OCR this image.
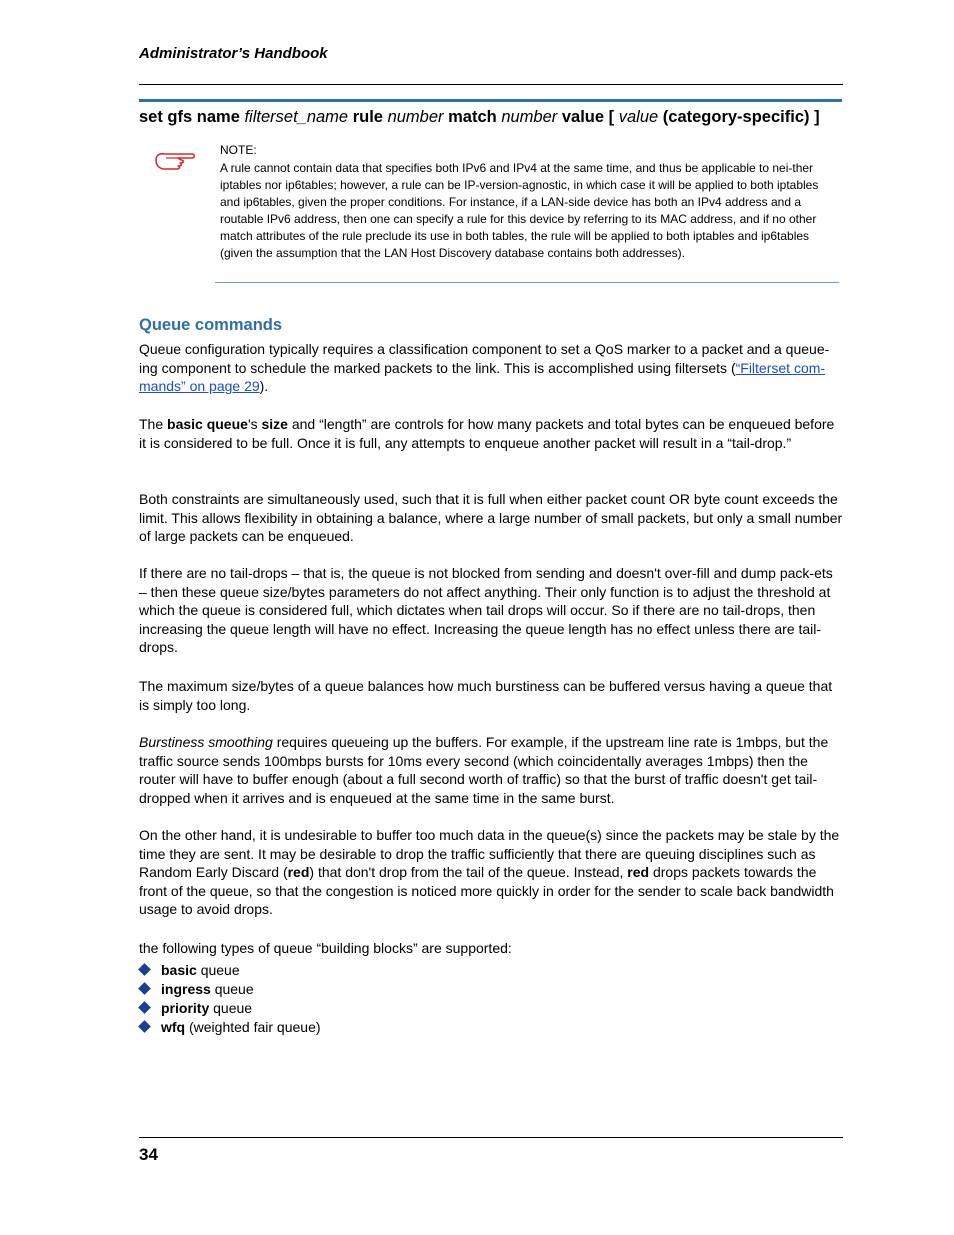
Administrator’s Handbook
set gfs name filterset_name rule number match number value [ value (category-specific) ]
NOTE:
A rule cannot contain data that specifies both IPv6 and IPv4 at the same time, and thus be applicable to nei-ther iptables nor ip6tables; however, a rule can be IP-version-agnostic, in which case it will be applied to both iptables and ip6tables, given the proper conditions. For instance, if a LAN-side device has both an IPv4 address and a routable IPv6 address, then one can specify a rule for this device by referring to its MAC address, and if no other match attributes of the rule preclude its use in both tables, the rule will be applied to both iptables and ip6tables (given the assumption that the LAN Host Discovery database contains both addresses).
Queue commands
Queue configuration typically requires a classification component to set a QoS marker to a packet and a queue-ing component to schedule the marked packets to the link. This is accomplished using filtersets (“Filterset com-mands” on page 29).
The basic queue's size and “length” are controls for how many packets and total bytes can be enqueued before it is considered to be full. Once it is full, any attempts to enqueue another packet will result in a “tail-drop.”
Both constraints are simultaneously used, such that it is full when either packet count OR byte count exceeds the limit. This allows flexibility in obtaining a balance, where a large number of small packets, but only a small number of large packets can be enqueued.
If there are no tail-drops – that is, the queue is not blocked from sending and doesn't over-fill and dump pack-ets – then these queue size/bytes parameters do not affect anything. Their only function is to adjust the threshold at which the queue is considered full, which dictates when tail drops will occur. So if there are no tail-drops, then increasing the queue length will have no effect. Increasing the queue length has no effect unless there are tail-drops.
The maximum size/bytes of a queue balances how much burstiness can be buffered versus having a queue that is simply too long.
Burstiness smoothing requires queueing up the buffers. For example, if the upstream line rate is 1mbps, but the traffic source sends 100mbps bursts for 10ms every second (which coincidentally averages 1mbps) then the router will have to buffer enough (about a full second worth of traffic) so that the burst of traffic doesn't get tail-dropped when it arrives and is enqueued at the same time in the same burst.
On the other hand, it is undesirable to buffer too much data in the queue(s) since the packets may be stale by the time they are sent. It may be desirable to drop the traffic sufficiently that there are queuing disciplines such as Random Early Discard (red) that don't drop from the tail of the queue. Instead, red drops packets towards the front of the queue, so that the congestion is noticed more quickly in order for the sender to scale back bandwidth usage to avoid drops.
the following types of queue “building blocks” are supported:
basic queue
ingress queue
priority queue
wfq (weighted fair queue)
34
